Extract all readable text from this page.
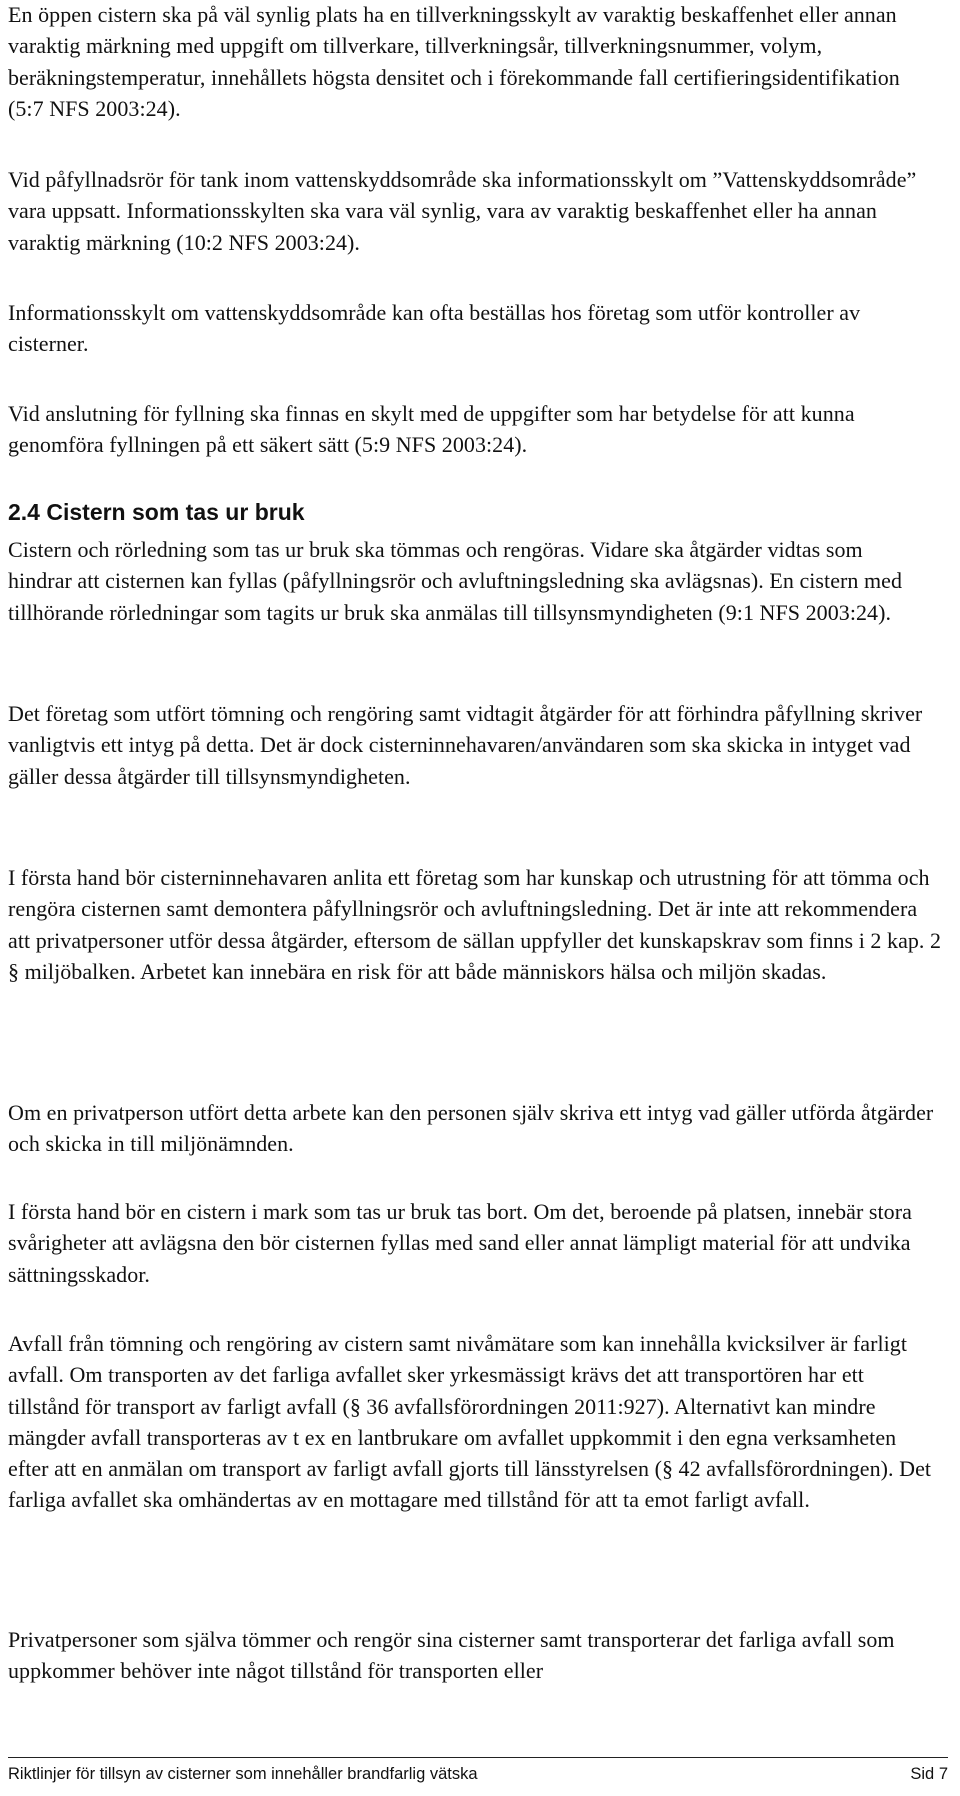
En öppen cistern ska på väl synlig plats ha en tillverkningsskylt av varaktig beskaffenhet eller annan varaktig märkning med uppgift om tillverkare, tillverkningsår, tillverkningsnummer, volym, beräkningstemperatur, innehållets högsta densitet och i förekommande fall certifieringsidentifikation (5:7 NFS 2003:24).

Vid påfyllnadsrör för tank inom vattenskyddsområde ska informationsskylt om ”Vattenskyddsområde” vara uppsatt. Informationsskylten ska vara väl synlig, vara av varaktig beskaffenhet eller ha annan varaktig märkning (10:2 NFS 2003:24).

Informationsskylt om vattenskyddsområde kan ofta beställas hos företag som utför kontroller av cisterner.

Vid anslutning för fyllning ska finnas en skylt med de uppgifter som har betydelse för att kunna genomföra fyllningen på ett säkert sätt (5:9 NFS 2003:24).

2.4 Cistern som tas ur bruk

Cistern och rörledning som tas ur bruk ska tömmas och rengöras. Vidare ska åtgärder vidtas som hindrar att cisternen kan fyllas (påfyllningsrör och avluftningsledning ska avlägsnas). En cistern med tillhörande rörledningar som tagits ur bruk ska anmälas till tillsynsmyndigheten (9:1 NFS 2003:24).

Det företag som utfört tömning och rengöring samt vidtagit åtgärder för att förhindra påfyllning skriver vanligtvis ett intyg på detta. Det är dock cisterninnehavaren/användaren som ska skicka in intyget vad gäller dessa åtgärder till tillsynsmyndigheten.

I första hand bör cisterninnehavaren anlita ett företag som har kunskap och utrustning för att tömma och rengöra cisternen samt demontera påfyllningsrör och avluftningsledning. Det är inte att rekommendera att privatpersoner utför dessa åtgärder, eftersom de sällan uppfyller det kunskapskrav som finns i 2 kap. 2 § miljöbalken. Arbetet kan innebära en risk för att både människors hälsa och miljön skadas.

Om en privatperson utfört detta arbete kan den personen själv skriva ett intyg vad gäller utförda åtgärder och skicka in till miljönämnden.

I första hand bör en cistern i mark som tas ur bruk tas bort. Om det, beroende på platsen, innebär stora svårigheter att avlägsna den bör cisternen fyllas med sand eller annat lämpligt material för att undvika sättningsskador.

Avfall från tömning och rengöring av cistern samt nivåmätare som kan innehålla kvicksilver är farligt avfall. Om transporten av det farliga avfallet sker yrkesmässigt krävs det att transportören har ett tillstånd för transport av farligt avfall (§ 36 avfallsförordningen 2011:927). Alternativt kan mindre mängder avfall transporteras av t ex en lantbrukare om avfallet uppkommit i den egna verksamheten efter att en anmälan om transport av farligt avfall gjorts till länsstyrelsen (§ 42 avfallsförordningen). Det farliga avfallet ska omhändertas av en mottagare med tillstånd för att ta emot farligt avfall.

Privatpersoner som själva tömmer och rengör sina cisterner samt transporterar det farliga avfall som uppkommer behöver inte något tillstånd för transporten eller

Riktlinjer för tillsyn av cisterner som innehåller brandfarlig vätska	Sid 7
